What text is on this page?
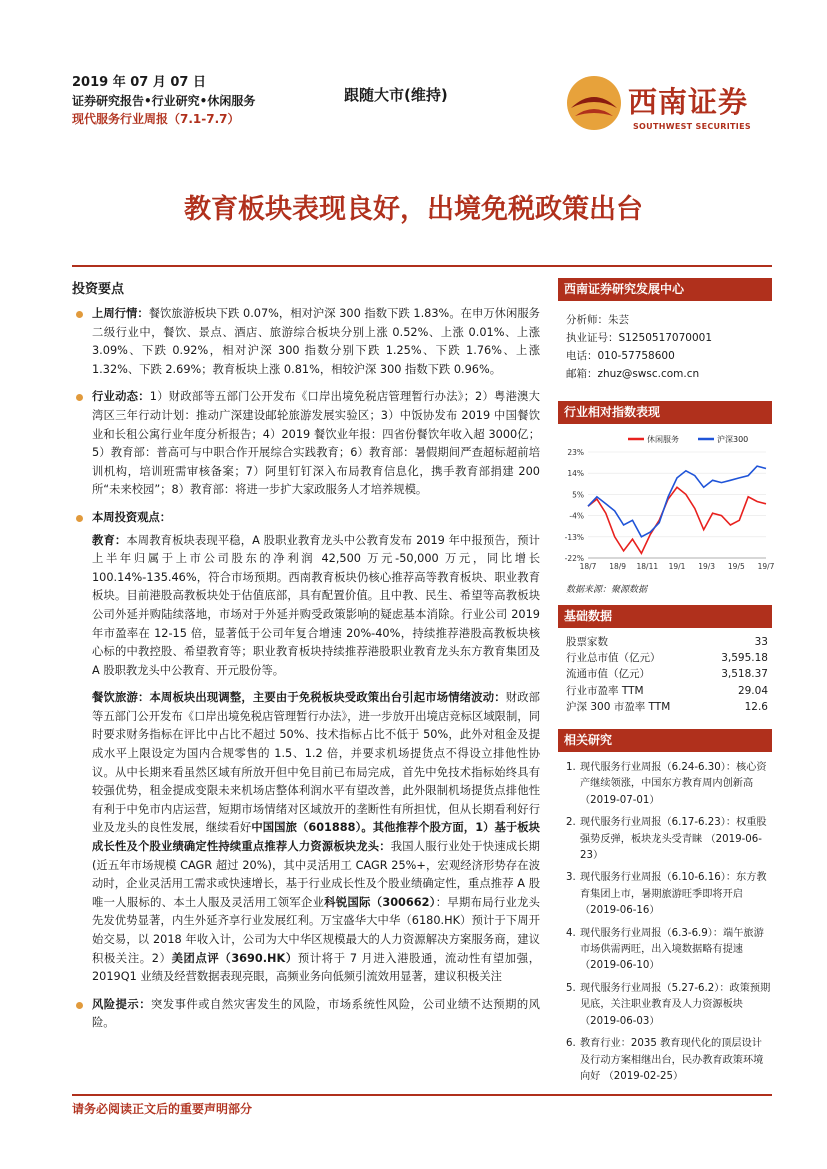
2019 年 07 月 07 日
证券研究报告•行业研究•休闲服务
现代服务行业周报（7.1-7.7）
跟随大市(维持)	西南证券
SOUTHWEST SECURITIES
教育板块表现良好，出境免税政策出台
投资要点
上周行情：餐饮旅游板块下跌 0.07%，相对沪深 300 指数下跌 1.83%。在申万休闲服务二级行业中，餐饮、景点、酒店、旅游综合板块分别上涨 0.52%、上涨 0.01%、上涨 3.09%、下跌 0.92%，相对沪深 300 指数分别下跌 1.25%、下跌 1.76%、上涨 1.32%、下跌 2.69%；教育板块上涨 0.81%，相较沪深 300 指数下跌 0.96%。
行业动态：1）财政部等五部门公开发布《口岸出境免税店管理暂行办法》；2）粤港澳大湾区三年行动计划：推动广深建设邮轮旅游发展实验区；3）中饭协发布 2019 中国餐饮业和长租公寓行业年度分析报告；4）2019 餐饮业年报：四省份餐饮年收入超 3000亿；5）教育部：普高可与中职合作开展综合实践教育；6）教育部：暑假期间严查超标超前培训机构，培训班需审核备案；7）阿里钉钉深入布局教育信息化，携手教育部捐建 200 所“未来校园”；8）教育部：将进一步扩大家政服务人才培养规模。
本周投资观点：
教育：本周教育板块表现平稳，A 股职业教育龙头中公教育发布 2019 年中报预告，预计上半年归属于上市公司股东的净利润 42,500 万元-50,000 万元，同比增长 100.14%-135.46%，符合市场预期。西南教育板块仍核心推荐高等教育板块、职业教育板块。目前港股高教板块处于估值底部，具有配置价值。且中教、民生、希望等高教板块公司外延并购陆续落地，市场对于外延并购受政策影响的疑虑基本消除。行业公司 2019 年市盈率在 12-15 倍，显著低于公司年复合增速 20%-40%，持续推荐港股高教板块核心标的中教控股、希望教育等；职业教育板块持续推荐港股职业教育龙头东方教育集团及 A 股职教龙头中公教育、开元股份等。
餐饮旅游：本周板块出现调整，主要由于免税板块受政策出台引起市场情绪波动：财政部等五部门公开发布《口岸出境免税店管理暂行办法》，进一步放开出境店竞标区域限制，同时要求财务指标在评比中占比不超过 50%、技术指标占比不低于 50%，此外对租金及提成水平上限设定为国内合规零售的 1.5、1.2 倍，并要求机场提货点不得设立排他性协议。从中长期来看虽然区域有所放开但中免目前已布局完成，首先中免技术指标始终具有较强优势，租金提成变限未来机场店整体利润水平有望改善，此外限制机场提货点排他性有利于中免市内店运营，短期市场情绪对区域放开的垄断性有所担忧，但从长期看利好行业及龙头的良性发展，继续看好中国国旅（601888）。其他推荐个股方面，1）基于板块成长性及个股业绩确定性持续重点推荐人力资源板块龙头：我国人服行业处于快速成长期(近五年市场规模 CAGR 超过 20%)，其中灵活用工 CAGR 25%+，宏观经济形势存在波动时，企业灵活用工需求或快速增长，基于行业成长性及个股业绩确定性，重点推荐 A 股唯一人服标的、本土人服及灵活用工领军企业科锐国际（300662）：早期布局行业龙头先发优势显著，内生外延齐享行业发展红利。万宝盛华大中华（6180.HK）预计于下周开始交易，以 2018 年收入计，公司为大中华区规模最大的人力资源解决方案服务商，建议积极关注。2）美团点评（3690.HK）预计将于 7 月进入港股通，流动性有望加强，2019Q1 业绩及经营数据表现亮眼，高频业务向低频引流效用显著，建议积极关注
风险提示：突发事件或自然灾害发生的风险，市场系统性风险，公司业绩不达预期的风险。
西南证券研究发展中心
分析师：朱芸
执业证号：S1250517070001
电话：010-57758600
邮箱：zhuz@swsc.com.cn
行业相对指数表现
23%
14%
5%
-4%
-13%
-22%
18/7 18/9 18/11 19/1 19/3 19/5 19/7
休闲服务	沪深300
数据来源：聚源数据
基础数据
股票家数	33
行业总市值（亿元）	3,595.18
流通市值（亿元）	3,518.37
行业市盈率 TTM	29.04
沪深 300 市盈率 TTM	12.6
相关研究
1. 现代服务行业周报（6.24-6.30）：核心资产继续领涨，中国东方教育周内创新高 （2019-07-01）
2. 现代服务行业周报（6.17-6.23）：权重股强势反弹，板块龙头受青睐 （2019-06-23）
3. 现代服务行业周报（6.10-6.16）：东方教育集团上市，暑期旅游旺季即将开启 （2019-06-16）
4. 现代服务行业周报（6.3-6.9）：端午旅游市场供需两旺，出入境数据略有提速 （2019-06-10）
5. 现代服务行业周报（5.27-6.2）：政策预期见底，关注职业教育及人力资源板块 （2019-06-03）
6. 教育行业：2035 教育现代化的顶层设计及行动方案相继出台，民办教育政策环境向好 （2019-02-25）
请务必阅读正文后的重要声明部分
